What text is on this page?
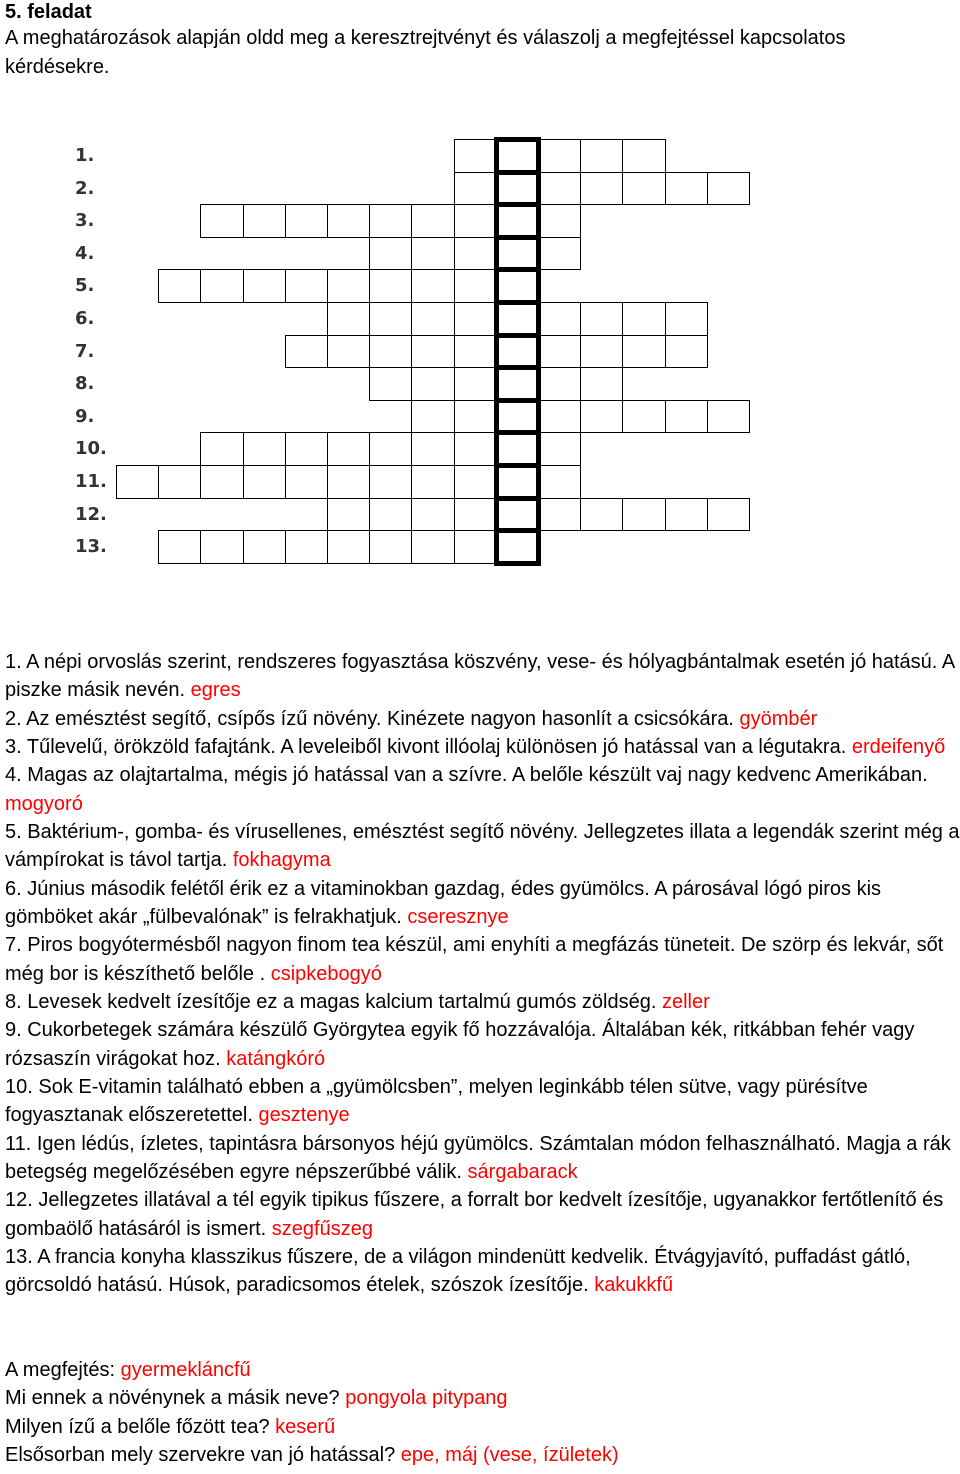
5. feladat
A meghatározások alapján oldd meg a keresztrejtvényt és válaszolj a megfejtéssel kapcsolatos kérdésekre.
1.
2.
3.
4.
5.
6.
7.
8.
9.
10.
11.
12.
13.

1. A népi orvoslás szerint, rendszeres fogyasztása köszvény, vese- és hólyagbántalmak esetén jó hatású. A piszke másik nevén. egres

2. Az emésztést segítő, csípős ízű növény. Kinézete nagyon hasonlít a csicsókára. gyömbér

3. Tűlevelű, örökzöld fafajtánk. A leveleiből kivont illóolaj különösen jó hatással van a légutakra. erdeifenyő

4. Magas az olajtartalma, mégis jó hatással van a szívre. A belőle készült vaj nagy kedvenc Amerikában. mogyoró

5. Baktérium-, gomba- és vírusellenes, emésztést segítő növény. Jellegzetes illata a legendák szerint még a vámpírokat is távol tartja. fokhagyma

6. Június második felétől érik ez a vitaminokban gazdag, édes gyümölcs. A párosával lógó piros kis gömböket akár „fülbevalónak” is felrakhatjuk. cseresznye

7. Piros bogyótermésből nagyon finom tea készül, ami enyhíti a megfázás tüneteit. De szörp és lekvár, sőt még bor is készíthető belőle . csipkebogyó

8. Levesek kedvelt ízesítője ez a magas kalcium tartalmú gumós zöldség. zeller

9. Cukorbetegek számára készülő Györgytea egyik fő hozzávalója. Általában kék, ritkábban fehér vagy rózsaszín virágokat hoz. katángkóró

10. Sok E-vitamin található ebben a „gyümölcsben”, melyen leginkább télen sütve, vagy pürésítve fogyasztanak előszeretettel. gesztenye

11. Igen lédús, ízletes, tapintásra bársonyos héjú gyümölcs. Számtalan módon felhasználható. Magja a rák betegség megelőzésében egyre népszerűbbé válik. sárgabarack

12. Jellegzetes illatával a tél egyik tipikus fűszere, a forralt bor kedvelt ízesítője, ugyanakkor fertőtlenítő és gombaölő hatásáról is ismert. szegfűszeg

13. A francia konyha klasszikus fűszere, de a világon mindenütt kedvelik. Étvágyjavító, puffadást gátló, görcsoldó hatású. Húsok, paradicsomos ételek, szószok ízesítője. kakukkfű

A megfejtés: gyermekláncfű

Mi ennek a növénynek a másik neve? pongyola pitypang

Milyen ízű a belőle főzött tea? keserű

Elsősorban mely szervekre van jó hatással? epe, máj (vese, ízületek)
